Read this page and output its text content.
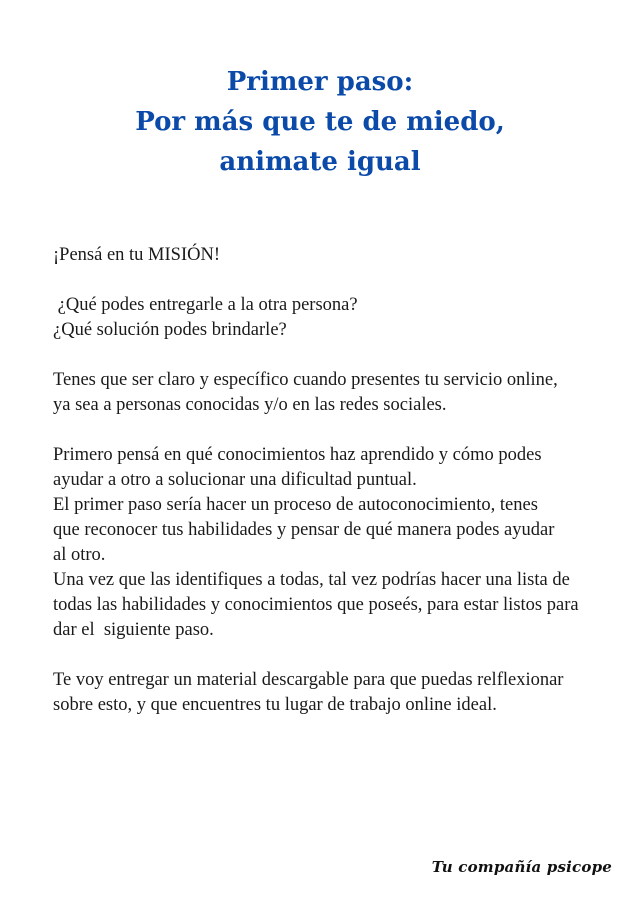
Primer paso:
Por más que te de miedo,
animate igual

¡Pensá en tu MISIÓN!

¿Qué podes entregarle a la otra persona?

¿Qué solución podes brindarle?

Tenes que ser claro y específico cuando presentes tu servicio online,

ya sea a personas conocidas y/o en las redes sociales.

Primero pensá en qué conocimientos haz aprendido y cómo podes

ayudar a otro a solucionar una dificultad puntual.

El primer paso sería hacer un proceso de autoconocimiento, tenes

que reconocer tus habilidades y pensar de qué manera podes ayudar

al otro.

Una vez que las identifiques a todas, tal vez podrías hacer una lista de

todas las habilidades y conocimientos que poseés, para estar listos para

dar el  siguiente paso.

Te voy entregar un material descargable para que puedas relflexionar

sobre esto, y que encuentres tu lugar de trabajo online ideal.

Tu compañía psicope
